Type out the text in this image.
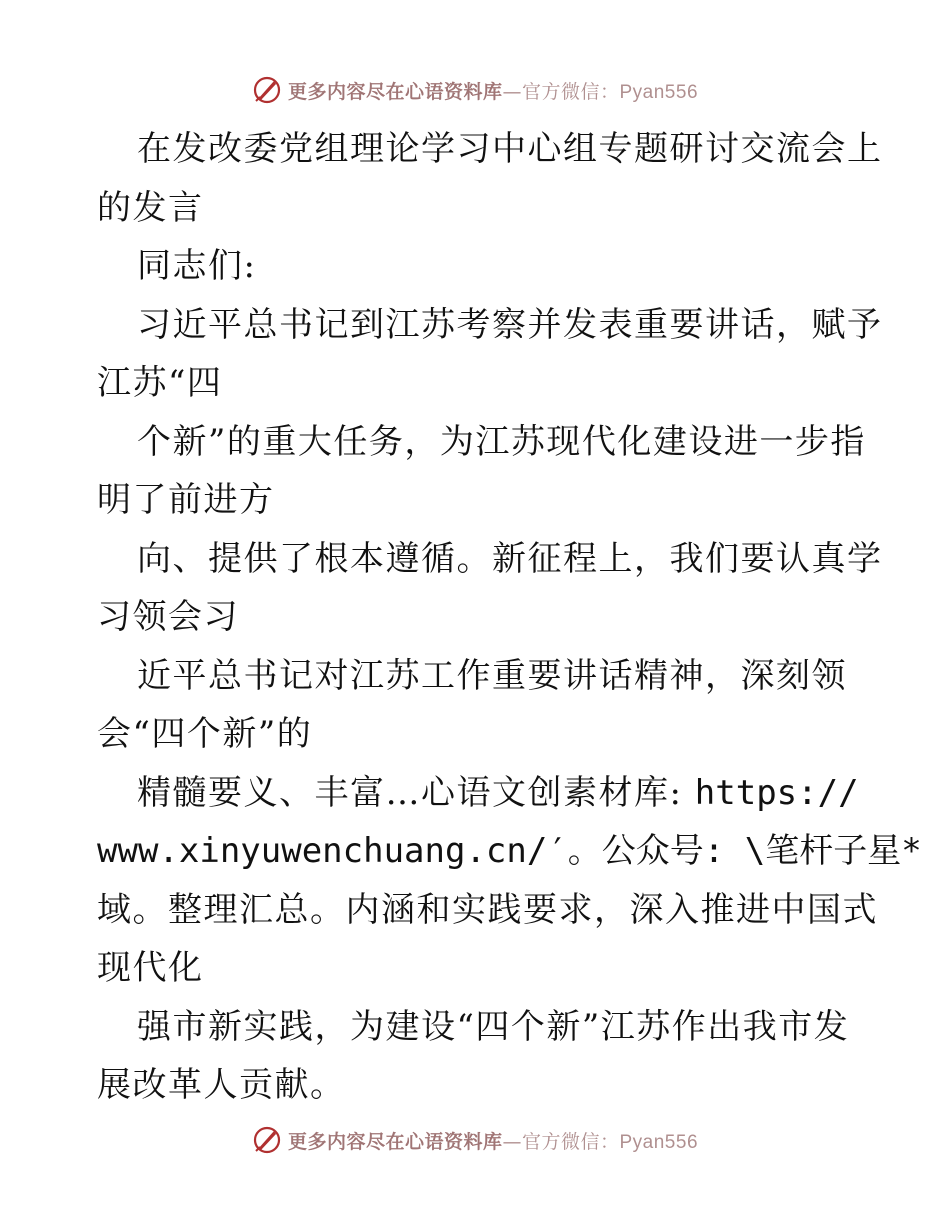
更多内容尽在心语资料库—官方微信：Pyan556
在发改委党组理论学习中心组专题研讨交流会上
的发言
同志们:
习近平总书记到江苏考察并发表重要讲话，赋予
江苏“四
个新”的重大任务，为江苏现代化建设进一步指
明了前进方
向、提供了根本遵循。新征程上，我们要认真学
习领会习
近平总书记对江苏工作重要讲话精神，深刻领
会“四个新”的
精髓要义、丰富…心语文创素材库: https://
www.xinyuwenchuang.cn/′。公众号: \笔杆子星*
域。整理汇总。内涵和实践要求，深入推进中国式
现代化
强市新实践，为建设“四个新”江苏作出我市发
展改革人贡献。
更多内容尽在心语资料库—官方微信：Pyan556
